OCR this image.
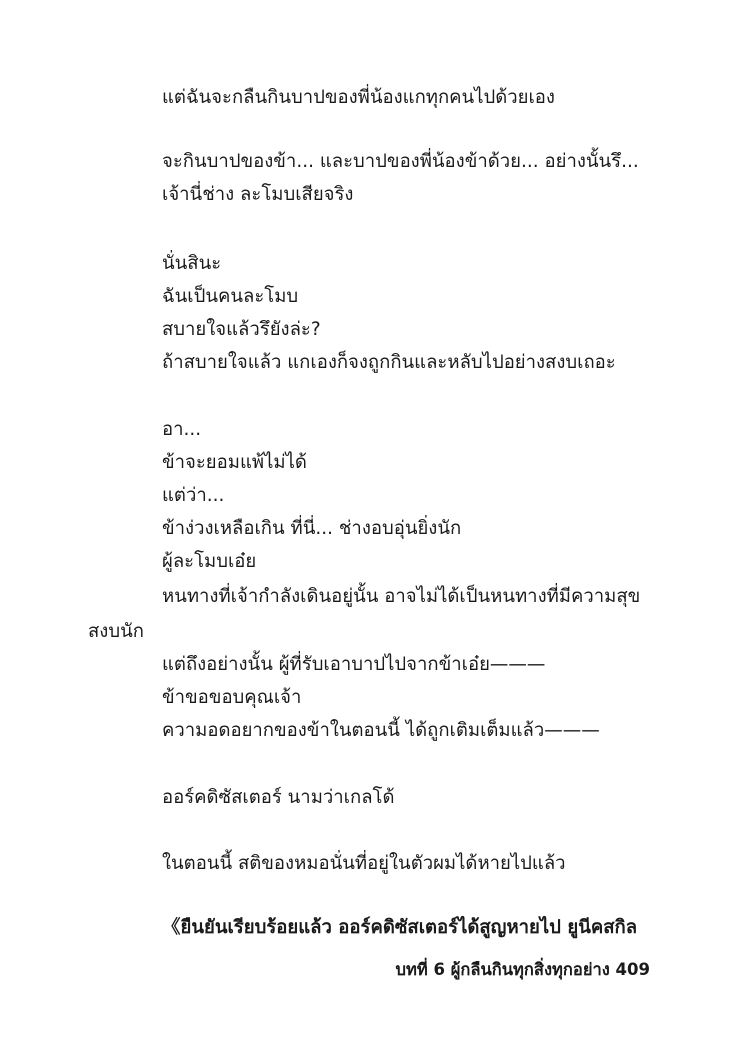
แต่ฉันจะกลืนกินบาปของพี่น้องแกทุกคนไปด้วยเอง
จะกินบาปของข้า... และบาปของพี่น้องข้าด้วย... อย่างนั้นรึ...
เจ้านี่ช่าง ละโมบเสียจริง
นั่นสินะ
ฉันเป็นคนละโมบ
สบายใจแล้วรึยังล่ะ?
ถ้าสบายใจแล้ว แกเองก็จงถูกกินและหลับไปอย่างสงบเถอะ
อา...
ข้าจะยอมแพ้ไม่ได้
แต่ว่า...
ข้าง่วงเหลือเกิน ที่นี่... ช่างอบอุ่นยิ่งนัก
ผู้ละโมบเอ๋ย
หนทางที่เจ้ากำลังเดินอยู่นั้น อาจไม่ได้เป็นหนทางที่มีความสุข
สงบนัก
แต่ถึงอย่างนั้น ผู้ที่รับเอาบาปไปจากข้าเอ๋ย———
ข้าขอขอบคุณเจ้า
ความอดอยากของข้าในตอนนี้ ได้ถูกเติมเต็มแล้ว———
ออร์คดิซัสเตอร์ นามว่าเกลโด้
ในตอนนี้ สติของหมอนั่นที่อยู่ในตัวผมได้หายไปแล้ว
《ยืนยันเรียบร้อยแล้ว ออร์คดิซัสเตอร์ได้สูญหายไป ยูนีคสกิล
บทที่ 6 ผู้กลืนกินทุกสิ่งทุกอย่าง 409
